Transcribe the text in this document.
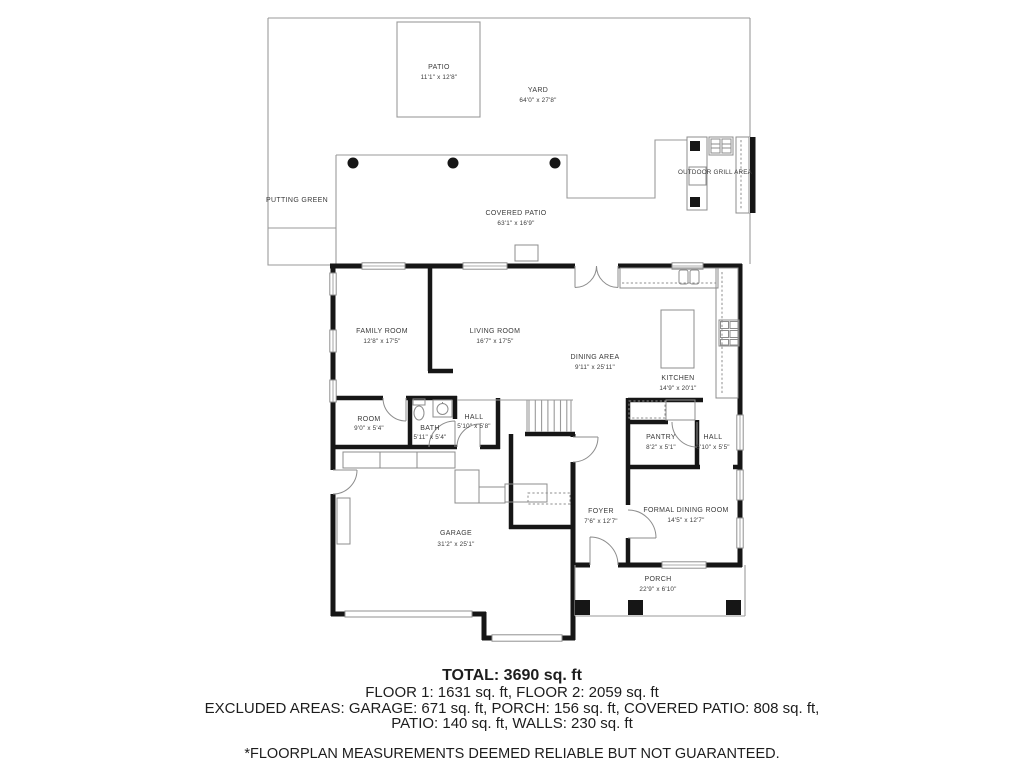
PUTTING GREEN
PATIO
11'1" x 12'8"
YARD
64'0" x 27'8"
COVERED PATIO
63'1" x 16'9"
OUTDOOR GRILL AREA
FAMILY ROOM
12'8" x 17'5"
LIVING ROOM
16'7" x 17'5"
DINING AREA
9'11" x 25'11"
KITCHEN
14'9" x 20'1"
ROOM
9'0" x 5'4"	BATH
5'11" x 5'4"
HALL
5'10" x 5'8"
PANTRY
8'2" x 5'1"
HALL
5'10" x 5'5"
GARAGE
31'2" x 25'1"
FOYER
7'6" x 12'7"
FORMAL DINING ROOM
14'5" x 12'7"
PORCH
22'9" x 6'10"
TOTAL: 3690 sq. ft
FLOOR 1: 1631 sq. ft, FLOOR 2: 2059 sq. ft
EXCLUDED AREAS: GARAGE: 671 sq. ft, PORCH: 156 sq. ft, COVERED PATIO: 808 sq. ft,
PATIO: 140 sq. ft, WALLS: 230 sq. ft
*FLOORPLAN MEASUREMENTS DEEMED RELIABLE BUT NOT GUARANTEED.
